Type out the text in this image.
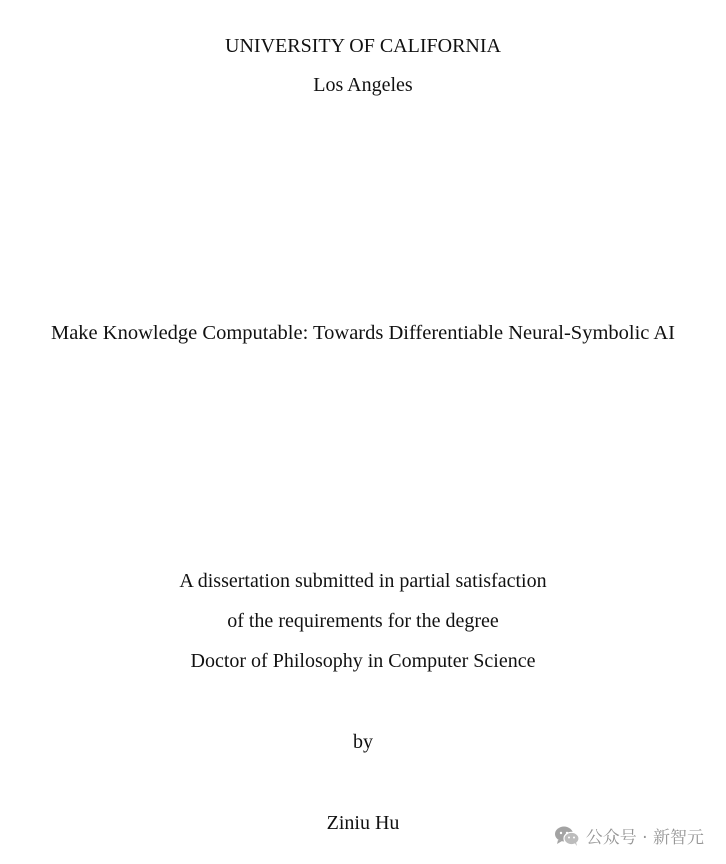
UNIVERSITY OF CALIFORNIA
Los Angeles
Make Knowledge Computable: Towards Differentiable Neural-Symbolic AI
A dissertation submitted in partial satisfaction
of the requirements for the degree
Doctor of Philosophy in Computer Science
by
Ziniu Hu
公众号 · 新智元
